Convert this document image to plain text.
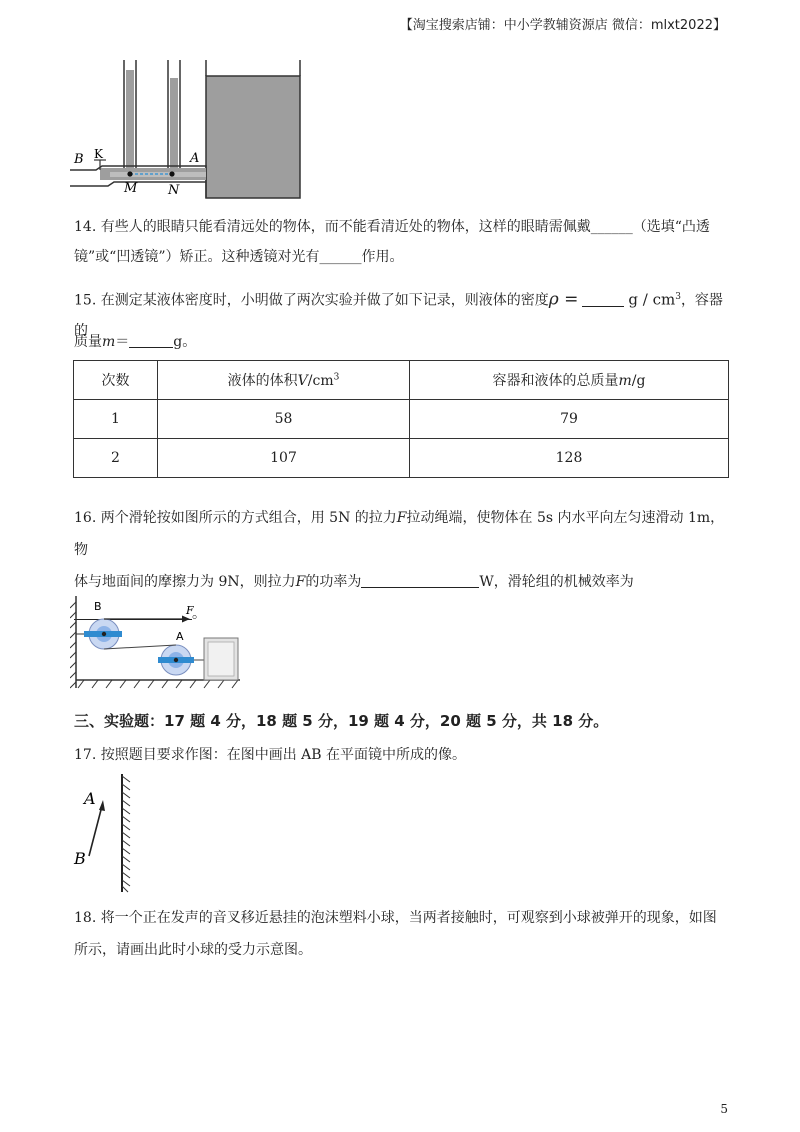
【淘宝搜索店铺：中小学教辅资源店 微信：mlxt2022】
B K	A
M N
14. 有些人的眼睛只能看清远处的物体，而不能看清近处的物体，这样的眼睛需佩戴______（选填“凸透
镜”或“凹透镜”）矫正。这种透镜对光有______作用。
15. 在测定某液体密度时，小明做了两次实验并做了如下记录，则液体的密度ρ =	g / $cm^3$，容器的
质量m＝	g。
次数	液体的体积$V/cm^3$	容器和液体的总质量m/g
1	58	79
2	107	128
16. 两个滑轮按如图所示的方式组合，用 5N 的拉力F拉动绳端，使物体在 5s 内水平向左匀速滑动 1m，物
体与地面间的摩擦力为 9N，则拉力F的功率为	W，滑轮组的机械效率为
。
B
A
F
三、实验题：17 题 4 分，18 题 5 分，19 题 4 分，20 题 5 分，共 18 分。
17. 按照题目要求作图：在图中画出 AB 在平面镜中所成的像。
A
B
18. 将一个正在发声的音叉移近悬挂的泡沫塑料小球，当两者接触时，可观察到小球被弹开的现象，如图
所示，请画出此时小球的受力示意图。
5
